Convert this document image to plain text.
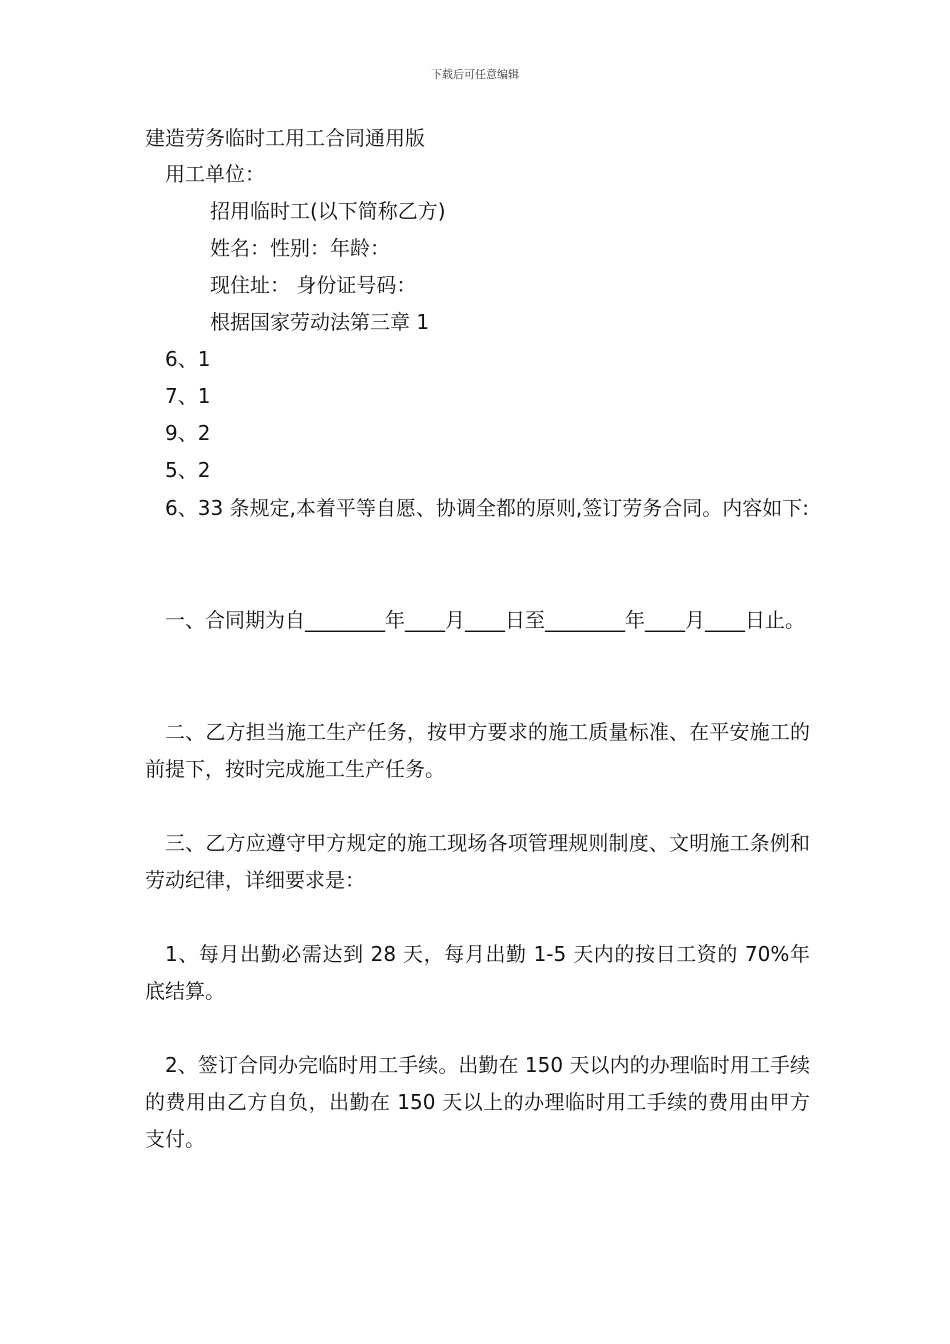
下载后可任意编辑
建造劳务临时工用工合同通用版
用工单位：
招用临时工(以下简称乙方)
姓名：性别：年龄：
现住址： 身份证号码：
根据国家劳动法第三章 1
6、1
7、1
9、2
5、2
6、33 条规定,本着平等自愿、协调全都的原则,签订劳务合同。内容如下:
一、合同期为自________年____月____日至________年____月____日止。
二、乙方担当施工生产任务，按甲方要求的施工质量标准、在平安施工的前提下，按时完成施工生产任务。
三、乙方应遵守甲方规定的施工现场各项管理规则制度、文明施工条例和劳动纪律，详细要求是：
1、每月出勤必需达到 28 天，每月出勤 1-5 天内的按日工资的 70%年底结算。
2、签订合同办完临时用工手续。出勤在 150 天以内的办理临时用工手续的费用由乙方自负，出勤在 150 天以上的办理临时用工手续的费用由甲方支付。
